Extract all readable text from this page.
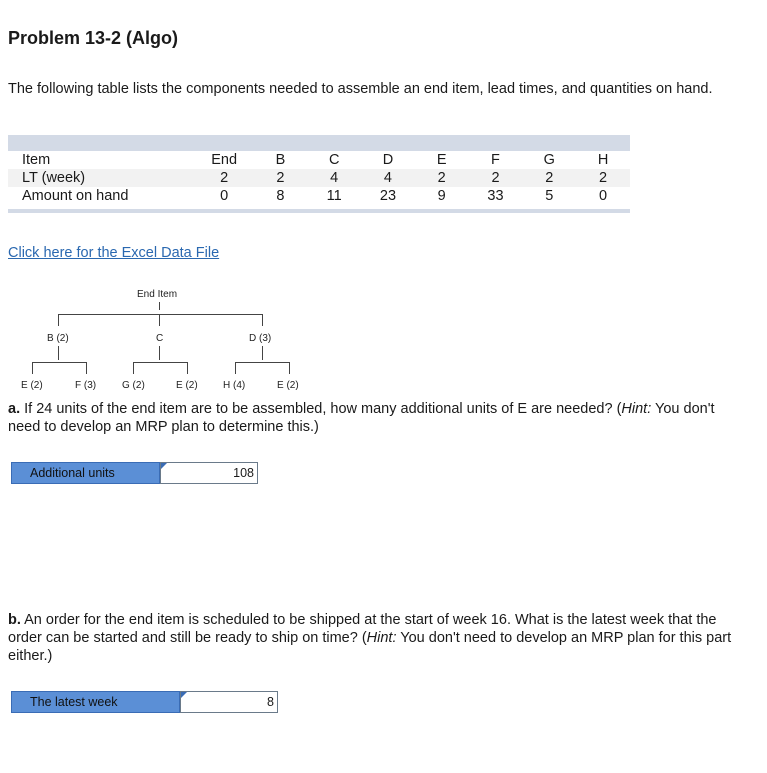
Problem 13-2 (Algo)
The following table lists the components needed to assemble an end item, lead times, and quantities on hand.
Item	End	B	C	D	E	F	G	H
LT (week)	2	2	4	4	2	2	2	2
Amount on hand	0	8	11	23	9	33	5	0
Click here for the Excel Data File
End Item
B (2)	C	D (3)
E (2)	F (3)	G (2)	E (2)	H (4)	E (2)
a. If 24 units of the end item are to be assembled, how many additional units of E are needed? (Hint: You don't need to develop an MRP plan to determine this.)
Additional units	108
b. An order for the end item is scheduled to be shipped at the start of week 16. What is the latest week that the order can be started and still be ready to ship on time? (Hint: You don't need to develop an MRP plan for this part either.)
The latest week	8
